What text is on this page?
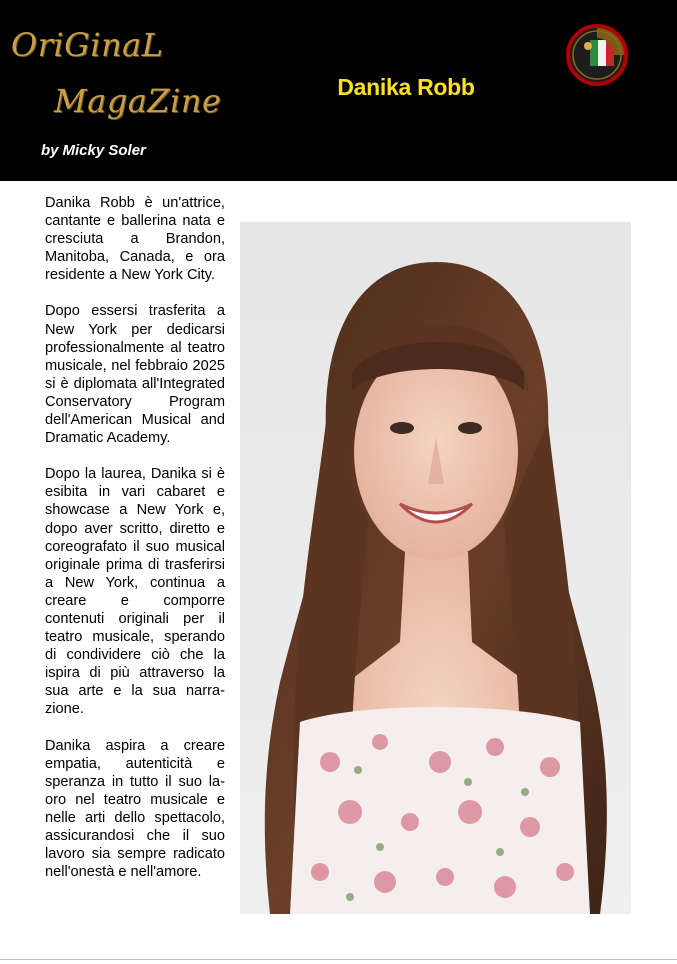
OriGinaL
MagaZine
by Micky Soler
Danika Robb

Danika Robb è un'attrice, cantante e ballerina nata e cresciuta a Brandon, Manitoba, Canada, e ora residente a New York City.

Dopo essersi trasferita a New York per dedicarsi professionalmente al teatro musicale, nel febbraio 2025 si è diplomata all'Integrated Conservatory Program dell'American Musical and Dramatic Academy.

Dopo la laurea, Danika si è esibita in vari cabaret e showcase a New York e, dopo aver scritto, diretto e coreografato il suo musical originale prima di trasferirsi a New York, continua a creare e comporre contenuti originali per il teatro musicale, sperando di condividere ciò che la ispira di più attraverso la sua arte e la sua narrazione.

Danika aspira a creare empatia, autenticità e speranza in tutto il suo laoro nel teatro musicale e nelle arti dello spettacolo, assicurandosi che il suo lavoro sia sempre radicato nell'onestà e nell'amore.
